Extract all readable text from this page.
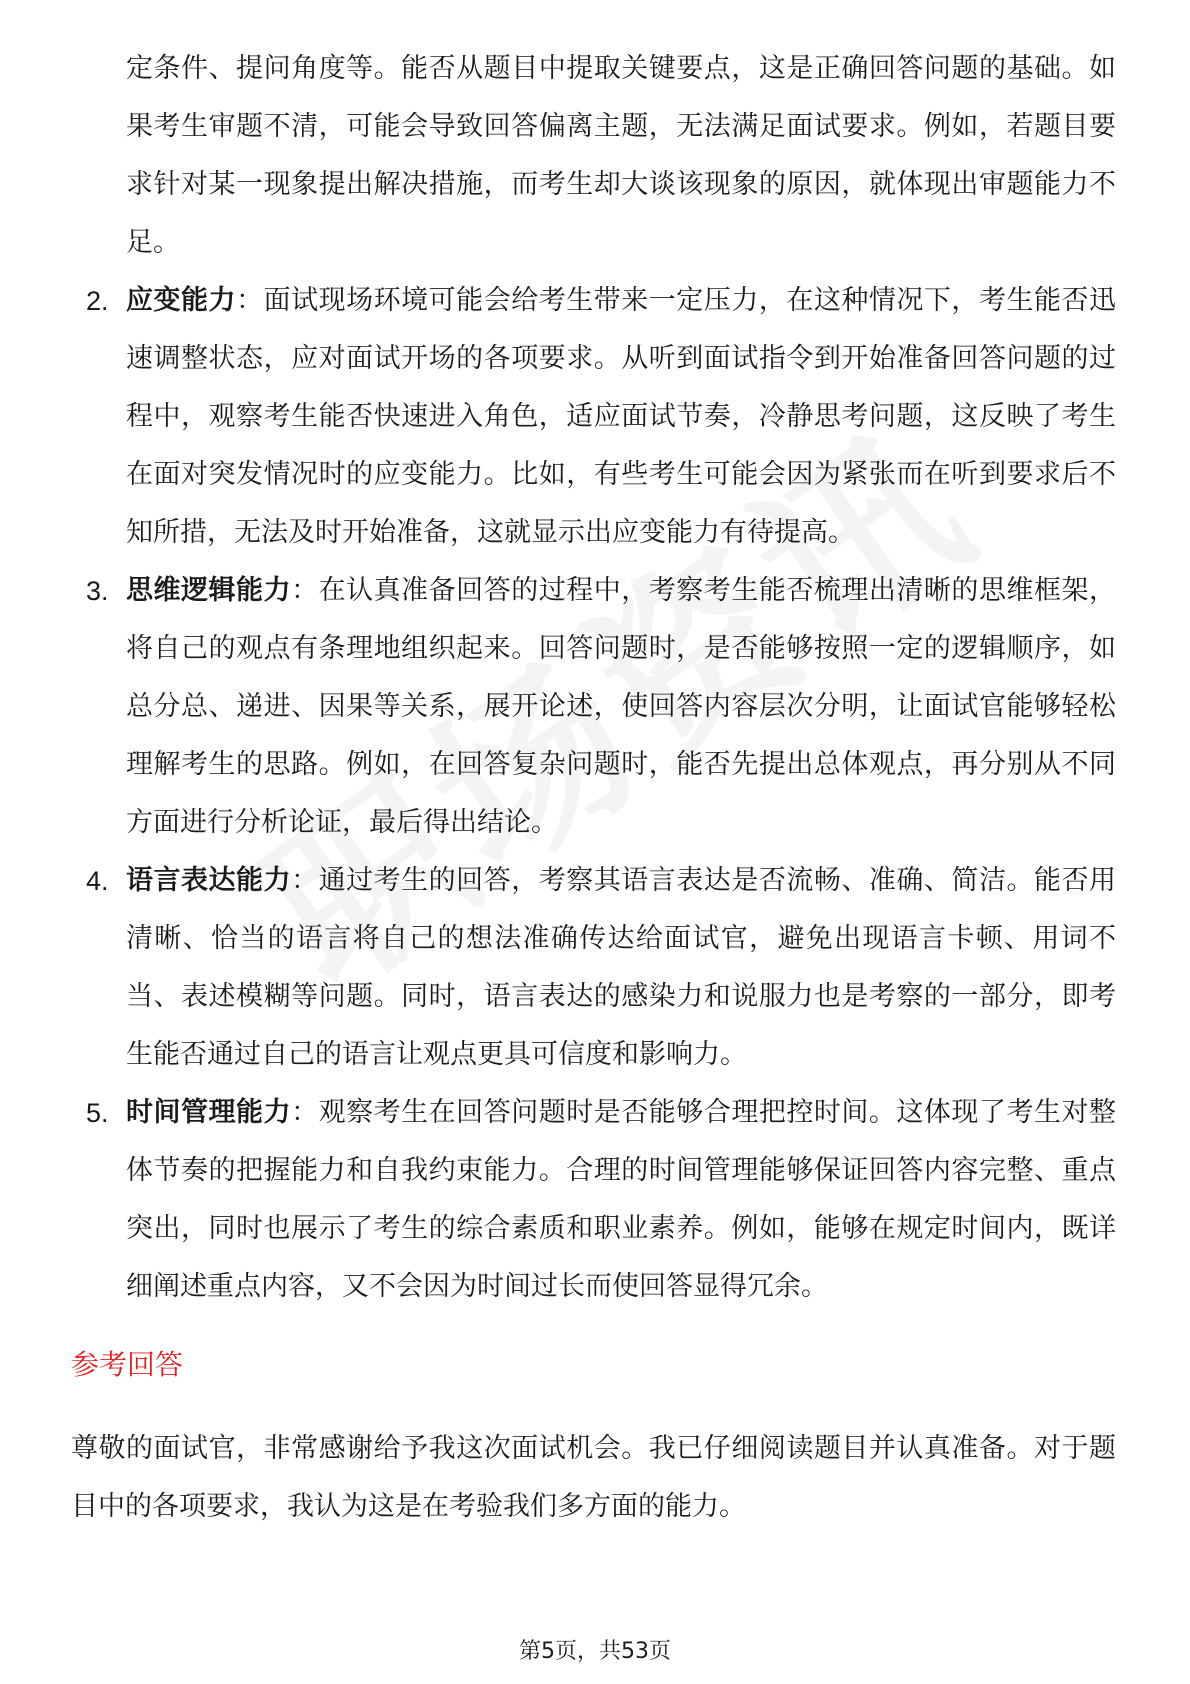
定条件、提问角度等。能否从题目中提取关键要点，这是正确回答问题的基础。如果考生审题不清，可能会导致回答偏离主题，无法满足面试要求。例如，若题目要求针对某一现象提出解决措施，而考生却大谈该现象的原因，就体现出审题能力不足。

2. 应变能力：面试现场环境可能会给考生带来一定压力，在这种情况下，考生能否迅速调整状态，应对面试开场的各项要求。从听到面试指令到开始准备回答问题的过程中，观察考生能否快速进入角色，适应面试节奏，冷静思考问题，这反映了考生在面对突发情况时的应变能力。比如，有些考生可能会因为紧张而在听到要求后不知所措，无法及时开始准备，这就显示出应变能力有待提高。
3. 思维逻辑能力：在认真准备回答的过程中，考察考生能否梳理出清晰的思维框架，将自己的观点有条理地组织起来。回答问题时，是否能够按照一定的逻辑顺序，如总分总、递进、因果等关系，展开论述，使回答内容层次分明，让面试官能够轻松理解考生的思路。例如，在回答复杂问题时，能否先提出总体观点，再分别从不同方面进行分析论证，最后得出结论。
4. 语言表达能力：通过考生的回答，考察其语言表达是否流畅、准确、简洁。能否用清晰、恰当的语言将自己的想法准确传达给面试官，避免出现语言卡顿、用词不当、表述模糊等问题。同时，语言表达的感染力和说服力也是考察的一部分，即考生能否通过自己的语言让观点更具可信度和影响力。
5. 时间管理能力：观察考生在回答问题时是否能够合理把控时间。这体现了考生对整体节奏的把握能力和自我约束能力。合理的时间管理能够保证回答内容完整、重点突出，同时也展示了考生的综合素质和职业素养。例如，能够在规定时间内，既详细阐述重点内容，又不会因为时间过长而使回答显得冗余。
参考回答

尊敬的面试官，非常感谢给予我这次面试机会。我已仔细阅读题目并认真准备。对于题目中的各项要求，我认为这是在考验我们多方面的能力。

第5页，共53页
